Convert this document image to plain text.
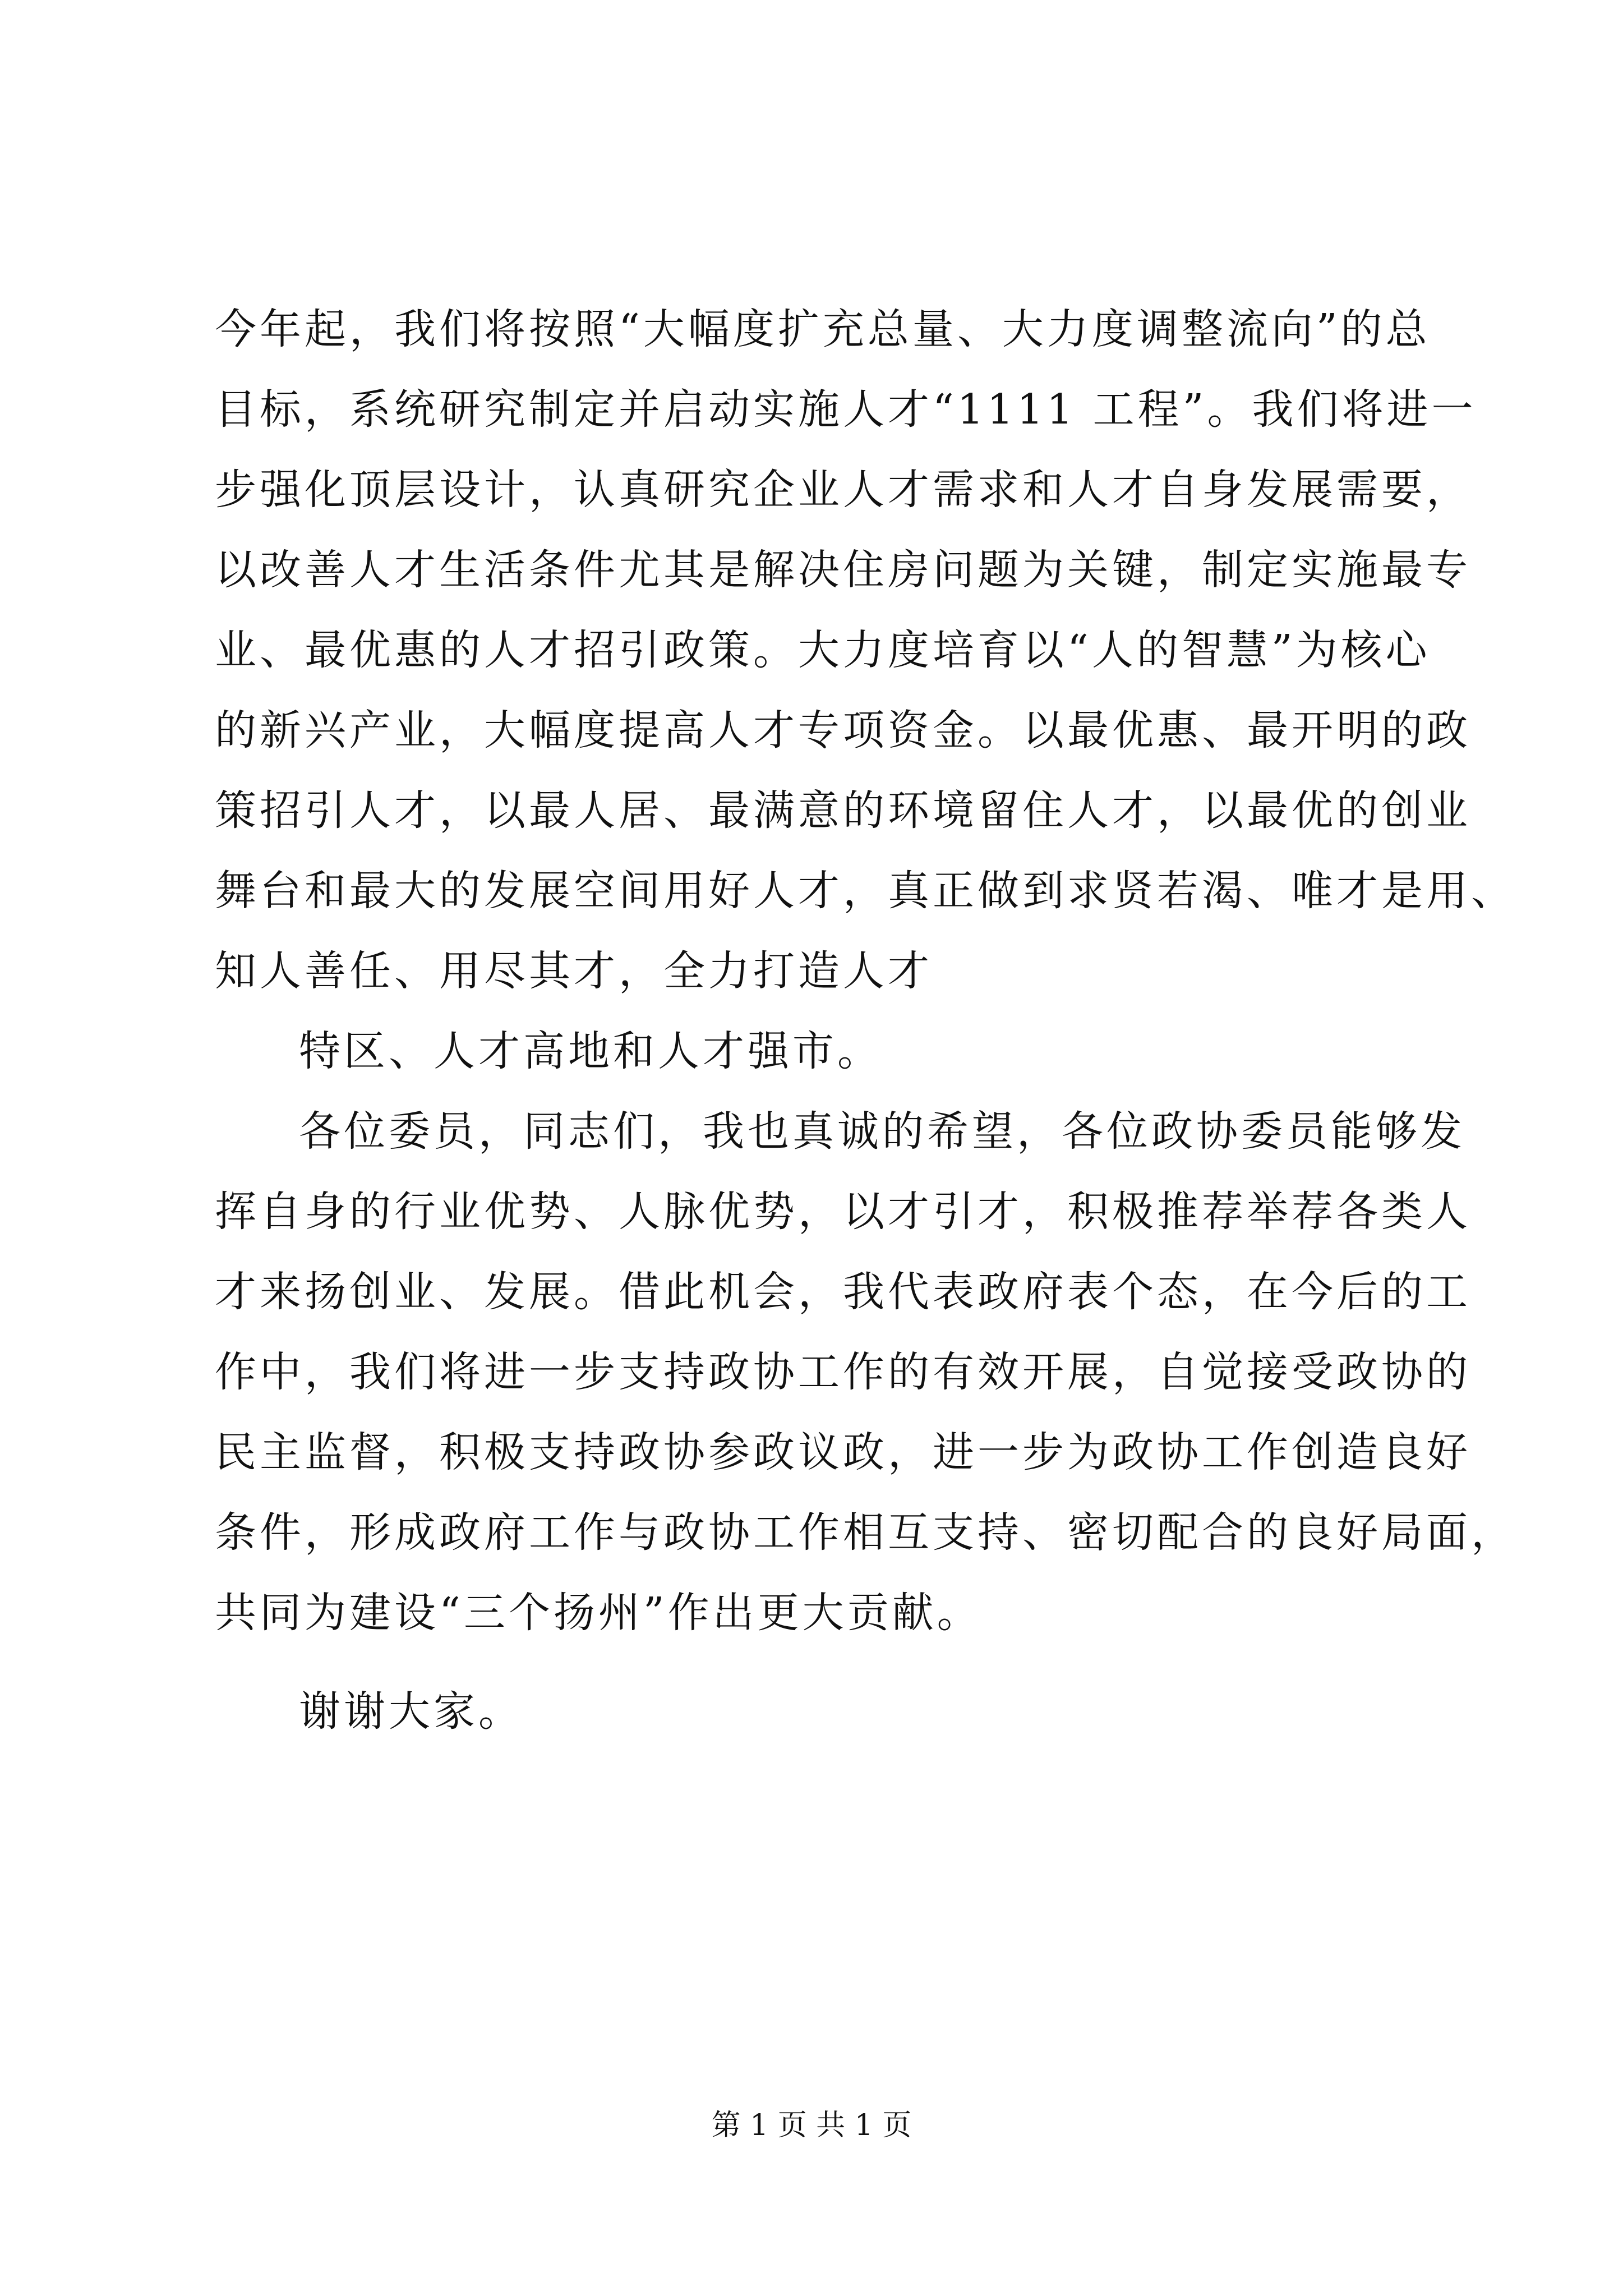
今年起，我们将按照“大幅度扩充总量、大力度调整流向”的总
目标，系统研究制定并启动实施人才“1111 工程”。我们将进一
步强化顶层设计，认真研究企业人才需求和人才自身发展需要，
以改善人才生活条件尤其是解决住房问题为关键，制定实施最专
业、最优惠的人才招引政策。大力度培育以“人的智慧”为核心
的新兴产业，大幅度提高人才专项资金。以最优惠、最开明的政
策招引人才，以最人居、最满意的环境留住人才，以最优的创业
舞台和最大的发展空间用好人才，真正做到求贤若渴、唯才是用、
知人善任、用尽其才，全力打造人才
特区、人才高地和人才强市。
各位委员，同志们，我也真诚的希望，各位政协委员能够发
挥自身的行业优势、人脉优势，以才引才，积极推荐举荐各类人
才来扬创业、发展。借此机会，我代表政府表个态，在今后的工
作中，我们将进一步支持政协工作的有效开展，自觉接受政协的
民主监督，积极支持政协参政议政，进一步为政协工作创造良好
条件，形成政府工作与政协工作相互支持、密切配合的良好局面，
共同为建设“三个扬州”作出更大贡献。
谢谢大家。
第 1 页 共 1 页
